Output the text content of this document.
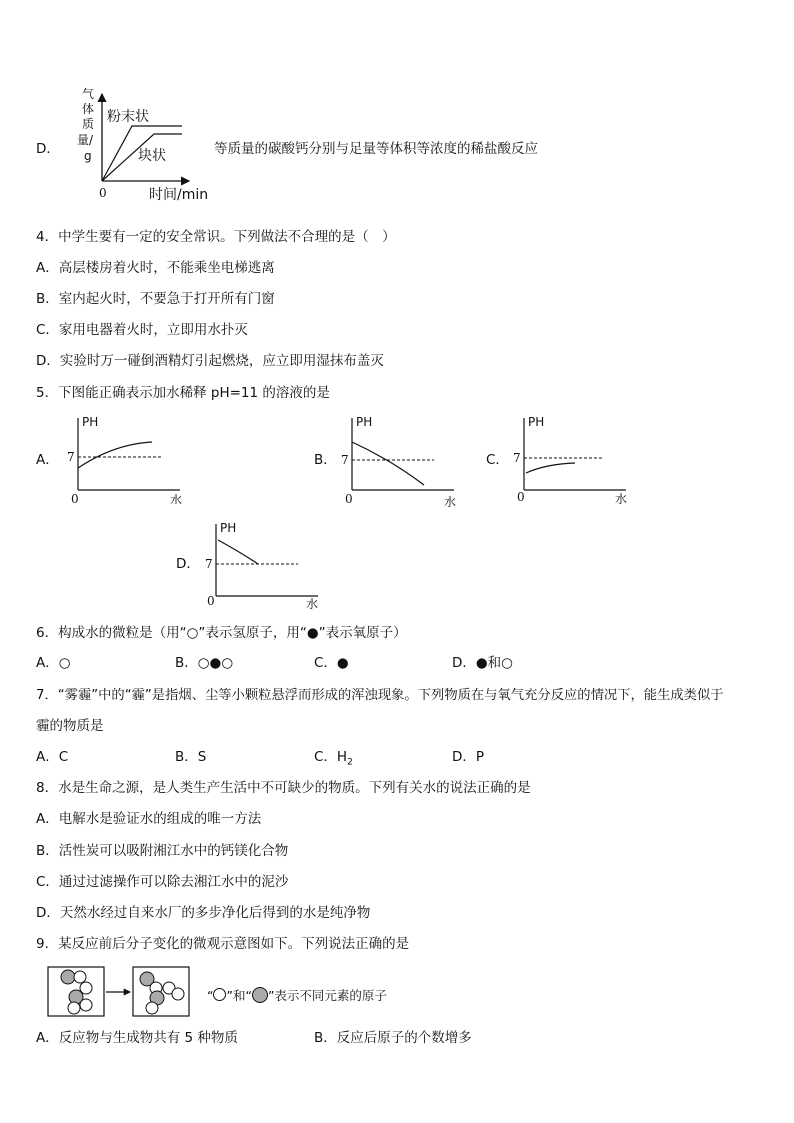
D．
气
体
质
量/
g
粉末状
块状
0	时间/min
等质量的碳酸钙分别与足量等体积等浓度的稀盐酸反应
4．中学生要有一定的安全常识。下列做法不合理的是（　）
A．高层楼房着火时，不能乘坐电梯逃离
B．室内起火时，不要急于打开所有门窗
C．家用电器着火时，立即用水扑灭
D．实验时万一碰倒酒精灯引起燃烧，应立即用湿抹布盖灭
5．下图能正确表示加水稀释 pH=11 的溶液的是
A．
PH
7
0	水
B．
PH
7
0	水
C．
PH
7
0	水
D．
PH
7
0	水
6．构成水的微粒是（用“○”表示氢原子，用“●”表示氧原子）
A．○	B．○●○	C．●	D．●和○
7．“雾霾”中的“霾”是指烟、尘等小颗粒悬浮而形成的浑浊现象。下列物质在与氧气充分反应的情况下，能生成类似于
霾的物质是
A．C	B．S	C．$H_2$	D．P
8．水是生命之源，是人类生产生活中不可缺少的物质。下列有关水的说法正确的是
A．电解水是验证水的组成的唯一方法
B．活性炭可以吸附湘江水中的钙镁化合物
C．通过过滤操作可以除去湘江水中的泥沙
D．天然水经过自来水厂的多步净化后得到的水是纯净物
9．某反应前后分子变化的微观示意图如下。下列说法正确的是
“ ”和“ ”表示不同元素的原子
A．反应物与生成物共有 5 种物质	B．反应后原子的个数增多
